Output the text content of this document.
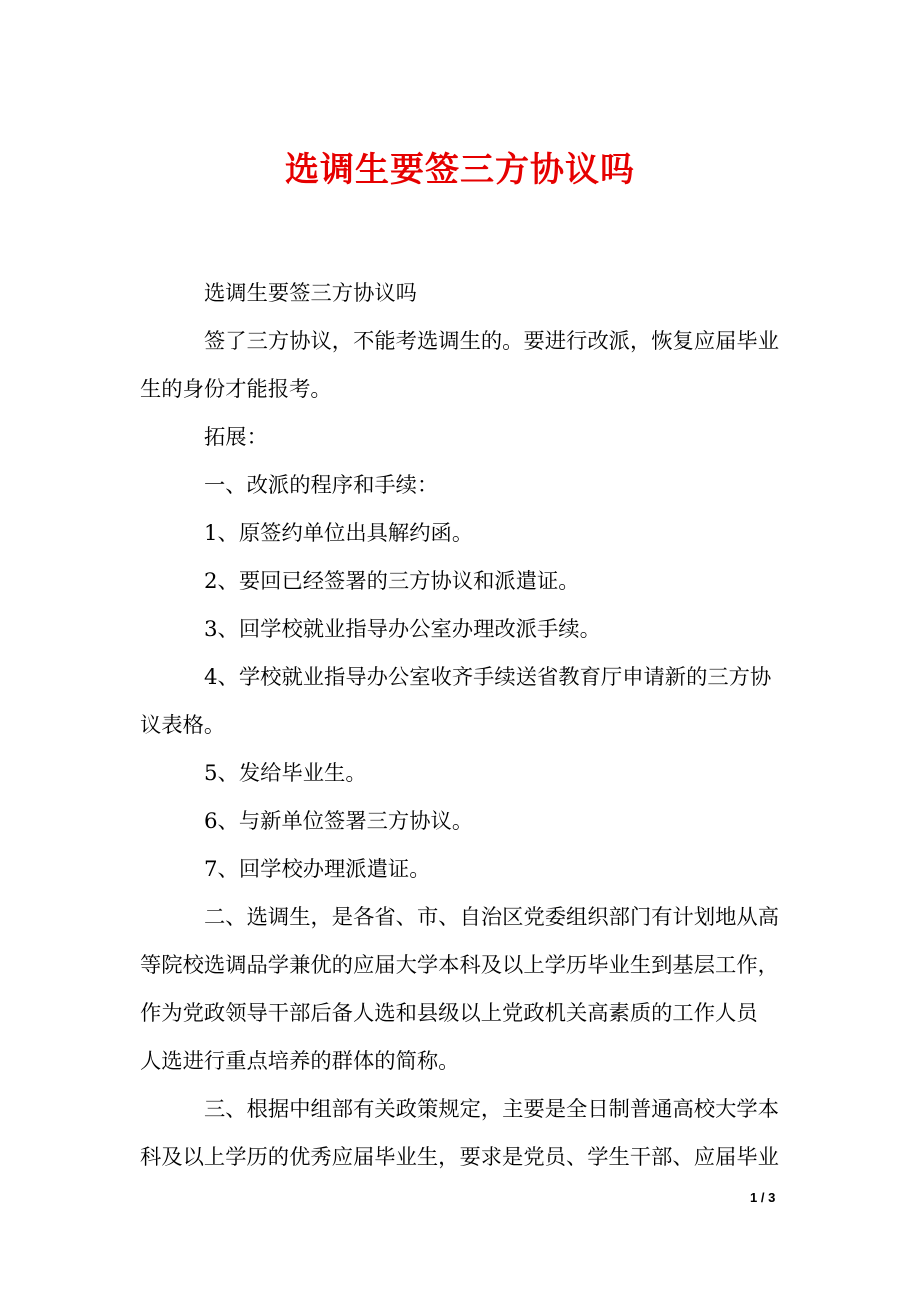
选调生要签三方协议吗
选调生要签三方协议吗
签了三方协议，不能考选调生的。要进行改派，恢复应届毕业
生的身份才能报考。
拓展：
一、改派的程序和手续：
1、原签约单位出具解约函。
2、要回已经签署的三方协议和派遣证。
3、回学校就业指导办公室办理改派手续。
4、学校就业指导办公室收齐手续送省教育厅申请新的三方协
议表格。
5、发给毕业生。
6、与新单位签署三方协议。
7、回学校办理派遣证。
二、选调生，是各省、市、自治区党委组织部门有计划地从高
等院校选调品学兼优的应届大学本科及以上学历毕业生到基层工作，
作为党政领导干部后备人选和县级以上党政机关高素质的工作人员
人选进行重点培养的群体的简称。
三、根据中组部有关政策规定，主要是全日制普通高校大学本
科及以上学历的优秀应届毕业生，要求是党员、学生干部、应届毕业
1 / 3
